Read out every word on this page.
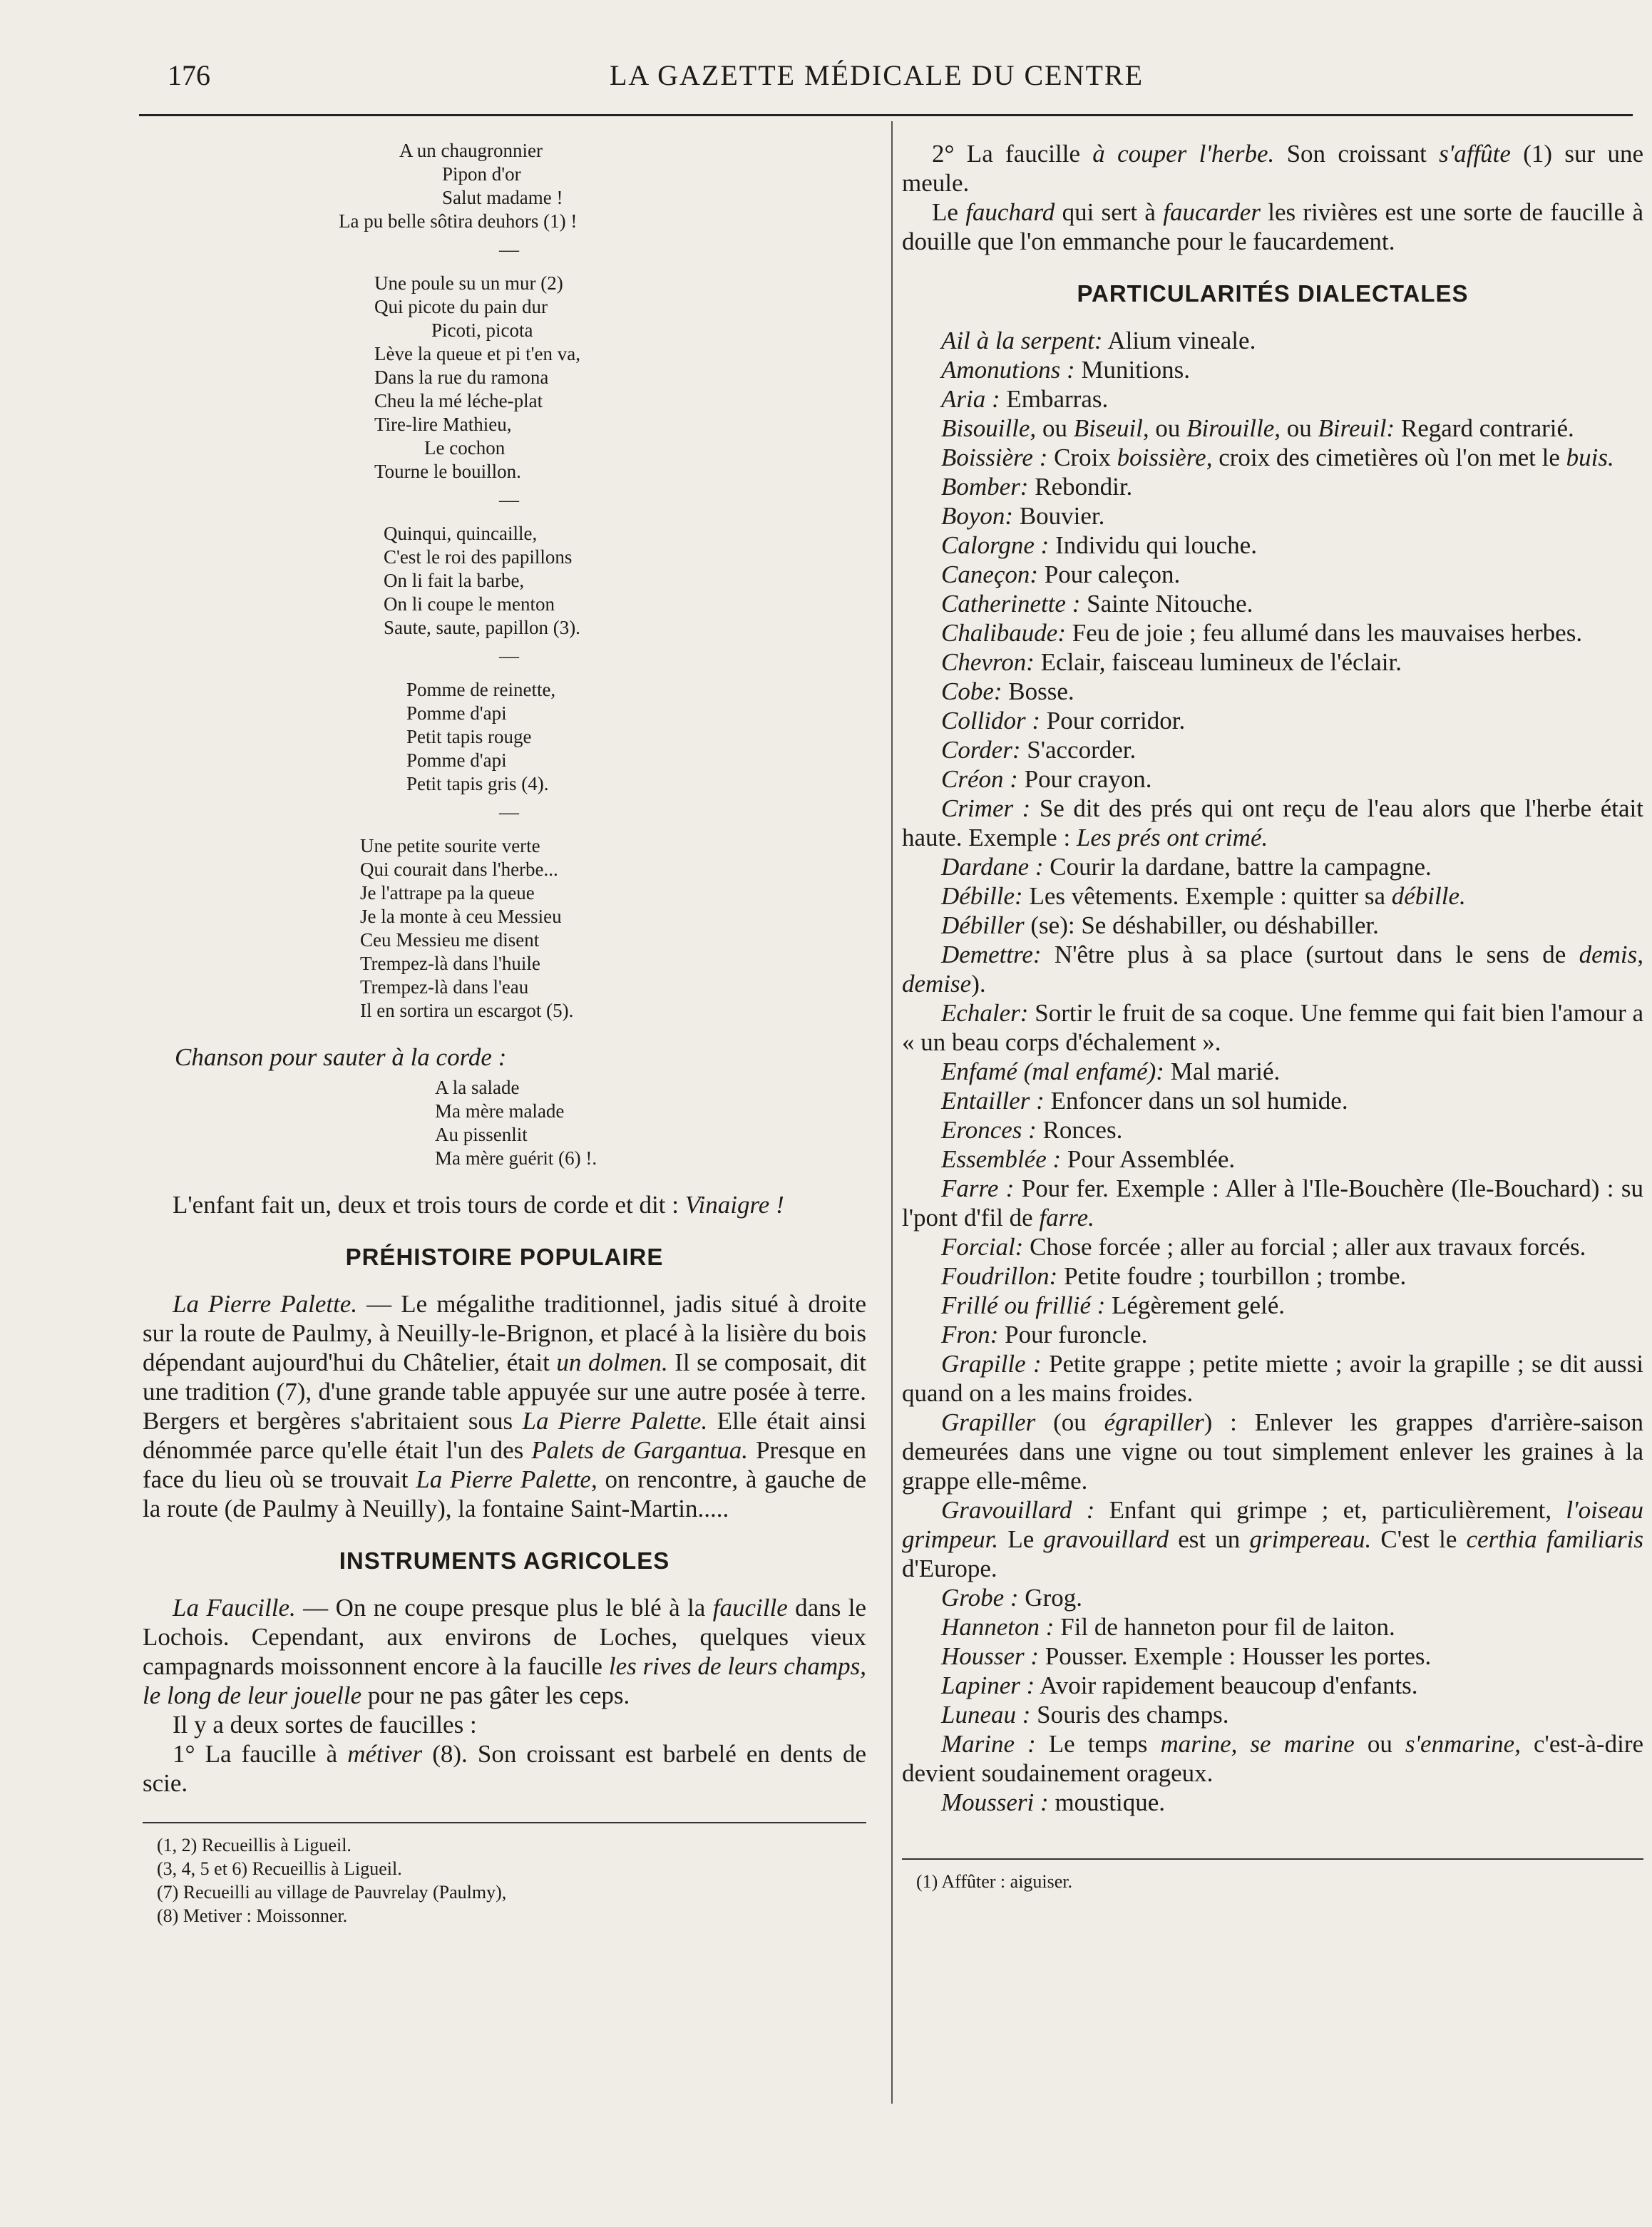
176	LA GAZETTE MÉDICALE DU CENTRE
A un chaugronnier
Pipon d'or
Salut madame !
La pu belle sôtira deuhors (1) !
—
Une poule su un mur (2)
Qui picote du pain dur
Picoti, picota
Lève la queue et pi t'en va,
Dans la rue du ramona
Cheu la mé léche-plat
Tire-lire Mathieu,
Le cochon
Tourne le bouillon.
—
Quinqui, quincaille,
C'est le roi des papillons
On li fait la barbe,
On li coupe le menton
Saute, saute, papillon (3).
—
Pomme de reinette,
Pomme d'api
Petit tapis rouge
Pomme d'api
Petit tapis gris (4).
—
Une petite sourite verte
Qui courait dans l'herbe...
Je l'attrape pa la queue
Je la monte à ceu Messieu
Ceu Messieu me disent
Trempez-là dans l'huile
Trempez-là dans l'eau
Il en sortira un escargot (5).

Chanson pour sauter à la corde :

A la salade
Ma mère malade
Au pissenlit
Ma mère guérit (6) !.

L'enfant fait un, deux et trois tours de corde et dit : Vinaigre !

PRÉHISTOIRE POPULAIRE

La Pierre Palette. — Le mégalithe traditionnel, jadis situé à droite sur la route de Paulmy, à Neuilly-le-Brignon, et placé à la lisière du bois dépendant aujourd'hui du Châtelier, était un dolmen. Il se composait, dit une tradition (7), d'une grande table appuyée sur une autre posée à terre. Bergers et bergères s'abritaient sous La Pierre Palette. Elle était ainsi dénommée parce qu'elle était l'un des Palets de Gargantua. Presque en face du lieu où se trouvait La Pierre Palette, on rencontre, à gauche de la route (de Paulmy à Neuilly), la fontaine Saint-Martin.....

INSTRUMENTS AGRICOLES

La Faucille. — On ne coupe presque plus le blé à la faucille dans le Lochois. Cependant, aux environs de Loches, quelques vieux campagnards moissonnent encore à la faucille les rives de leurs champs, le long de leur jouelle pour ne pas gâter les ceps.

Il y a deux sortes de faucilles :

1° La faucille à métiver (8). Son croissant est barbelé en dents de scie.

(1, 2) Recueillis à Ligueil.

(3, 4, 5 et 6) Recueillis à Ligueil.

(7) Recueilli au village de Pauvrelay (Paulmy),

(8) Metiver : Moissonner.

2° La faucille à couper l'herbe. Son croissant s'affûte (1) sur une meule.

Le fauchard qui sert à faucarder les rivières est une sorte de faucille à douille que l'on emmanche pour le faucardement.

PARTICULARITÉS DIALECTALES

Ail à la serpent: Alium vineale.

Amonutions : Munitions.

Aria : Embarras.

Bisouille, ou Biseuil, ou Birouille, ou Bireuil: Regard contrarié.

Boissière : Croix boissière, croix des cimetières où l'on met le buis.

Bomber: Rebondir.

Boyon: Bouvier.

Calorgne : Individu qui louche.

Caneçon: Pour caleçon.

Catherinette : Sainte Nitouche.

Chalibaude: Feu de joie ; feu allumé dans les mauvaises herbes.

Chevron: Eclair, faisceau lumineux de l'éclair.

Cobe: Bosse.

Collidor : Pour corridor.

Corder: S'accorder.

Créon : Pour crayon.

Crimer : Se dit des prés qui ont reçu de l'eau alors que l'herbe était haute. Exemple : Les prés ont crimé.

Dardane : Courir la dardane, battre la campagne.

Débille: Les vêtements. Exemple : quitter sa débille.

Débiller (se): Se déshabiller, ou déshabiller.

Demettre: N'être plus à sa place (surtout dans le sens de demis, demise).

Echaler: Sortir le fruit de sa coque. Une femme qui fait bien l'amour a « un beau corps d'échalement ».

Enfamé (mal enfamé): Mal marié.

Entailler : Enfoncer dans un sol humide.

Eronces : Ronces.

Essemblée : Pour Assemblée.

Farre : Pour fer. Exemple : Aller à l'Ile-Bouchère (Ile-Bouchard) : su l'pont d'fil de farre.

Forcial: Chose forcée ; aller au forcial ; aller aux travaux forcés.

Foudrillon: Petite foudre ; tourbillon ; trombe.

Frillé ou frillié : Légèrement gelé.

Fron: Pour furoncle.

Grapille : Petite grappe ; petite miette ; avoir la grapille ; se dit aussi quand on a les mains froides.

Grapiller (ou égrapiller) : Enlever les grappes d'arrière-saison demeurées dans une vigne ou tout simplement enlever les graines à la grappe elle-même.

Gravouillard : Enfant qui grimpe ; et, particulièrement, l'oiseau grimpeur. Le gravouillard est un grimpereau. C'est le certhia familiaris d'Europe.

Grobe : Grog.

Hanneton : Fil de hanneton pour fil de laiton.

Housser : Pousser. Exemple : Housser les portes.

Lapiner : Avoir rapidement beaucoup d'enfants.

Luneau : Souris des champs.

Marine : Le temps marine, se marine ou s'enmarine, c'est-à-dire devient soudainement orageux.

Mousseri : moustique.

(1) Affûter : aiguiser.
